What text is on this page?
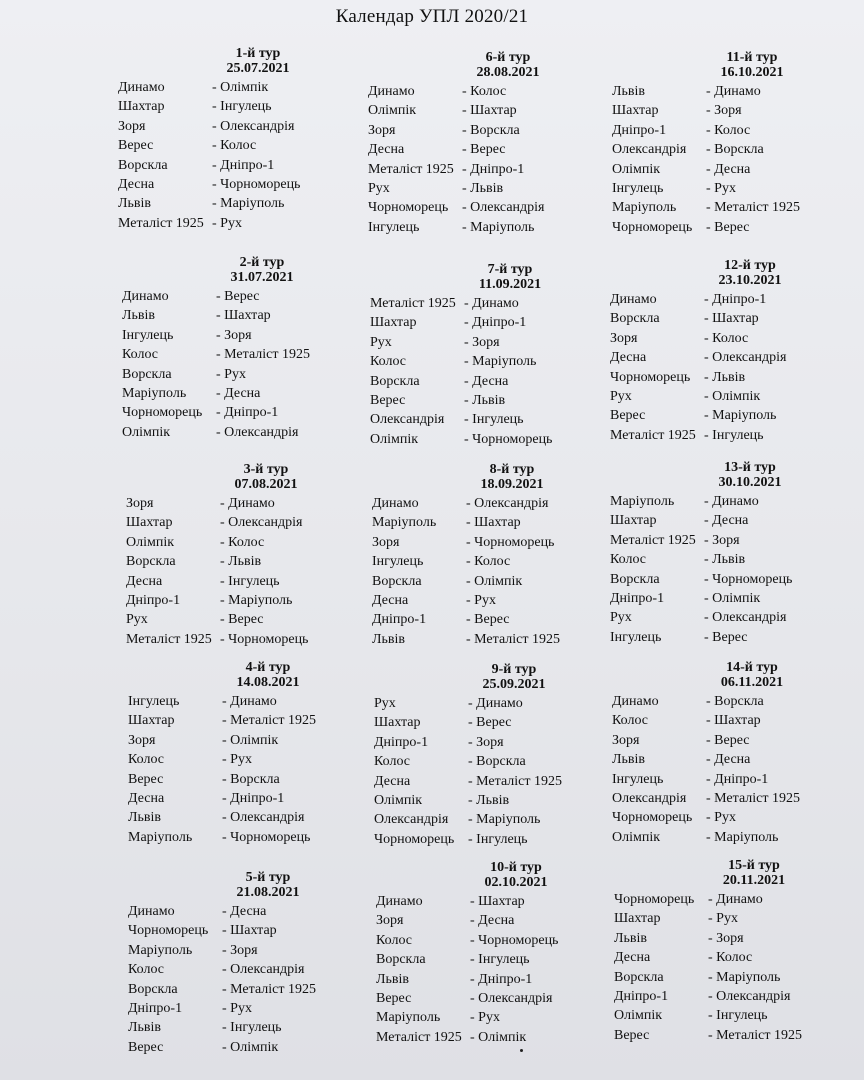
Календар УПЛ 2020/21
1-й тур
25.07.2021
Динамо	- Олімпік
Шахтар	- Інгулець
Зоря	- Олександрія
Верес	- Колос
Ворскла	- Дніпро-1
Десна	- Чорноморець
Львів	- Маріуполь
Металіст 1925	- Рух
2-й тур
31.07.2021
Динамо	- Верес
Львів	- Шахтар
Інгулець	- Зоря
Колос	- Металіст 1925
Ворскла	- Рух
Маріуполь	- Десна
Чорноморець	- Дніпро-1
Олімпік	- Олександрія
3-й тур
07.08.2021
Зоря	- Динамо
Шахтар	- Олександрія
Олімпік	- Колос
Ворскла	- Львів
Десна	- Інгулець
Дніпро-1	- Маріуполь
Рух	- Верес
Металіст 1925	- Чорноморець
4-й тур
14.08.2021
Інгулець	- Динамо
Шахтар	- Металіст 1925
Зоря	- Олімпік
Колос	- Рух
Верес	- Ворскла
Десна	- Дніпро-1
Львів	- Олександрія
Маріуполь	- Чорноморець
5-й тур
21.08.2021
Динамо	- Десна
Чорноморець	- Шахтар
Маріуполь	- Зоря
Колос	- Олександрія
Ворскла	- Металіст 1925
Дніпро-1	- Рух
Львів	- Інгулець
Верес	- Олімпік
6-й тур
28.08.2021
Динамо	- Колос
Олімпік	- Шахтар
Зоря	- Ворскла
Десна	- Верес
Металіст 1925	- Дніпро-1
Рух	- Львів
Чорноморець	- Олександрія
Інгулець	- Маріуполь
7-й тур
11.09.2021
Металіст 1925	- Динамо
Шахтар	- Дніпро-1
Рух	- Зоря
Колос	- Маріуполь
Ворскла	- Десна
Верес	- Львів
Олександрія	- Інгулець
Олімпік	- Чорноморець
8-й тур
18.09.2021
Динамо	- Олександрія
Маріуполь	- Шахтар
Зоря	- Чорноморець
Інгулець	- Колос
Ворскла	- Олімпік
Десна	- Рух
Дніпро-1	- Верес
Львів	- Металіст 1925
9-й тур
25.09.2021
Рух	- Динамо
Шахтар	- Верес
Дніпро-1	- Зоря
Колос	- Ворскла
Десна	- Металіст 1925
Олімпік	- Львів
Олександрія	- Маріуполь
Чорноморець	- Інгулець
10-й тур
02.10.2021
Динамо	- Шахтар
Зоря	- Десна
Колос	- Чорноморець
Ворскла	- Інгулець
Львів	- Дніпро-1
Верес	- Олександрія
Маріуполь	- Рух
Металіст 1925	- Олімпік
11-й тур
16.10.2021
Львів	- Динамо
Шахтар	- Зоря
Дніпро-1	- Колос
Олександрія	- Ворскла
Олімпік	- Десна
Інгулець	- Рух
Маріуполь	- Металіст 1925
Чорноморець	- Верес
12-й тур
23.10.2021
Динамо	- Дніпро-1
Ворскла	- Шахтар
Зоря	- Колос
Десна	- Олександрія
Чорноморець	- Львів
Рух	- Олімпік
Верес	- Маріуполь
Металіст 1925	- Інгулець
13-й тур
30.10.2021
Маріуполь	- Динамо
Шахтар	- Десна
Металіст 1925	- Зоря
Колос	- Львів
Ворскла	- Чорноморець
Дніпро-1	- Олімпік
Рух	- Олександрія
Інгулець	- Верес
14-й тур
06.11.2021
Динамо	- Ворскла
Колос	- Шахтар
Зоря	- Верес
Львів	- Десна
Інгулець	- Дніпро-1
Олександрія	- Металіст 1925
Чорноморець	- Рух
Олімпік	- Маріуполь
15-й тур
20.11.2021
Чорноморець	- Динамо
Шахтар	- Рух
Львів	- Зоря
Десна	- Колос
Ворскла	- Маріуполь
Дніпро-1	- Олександрія
Олімпік	- Інгулець
Верес	- Металіст 1925
